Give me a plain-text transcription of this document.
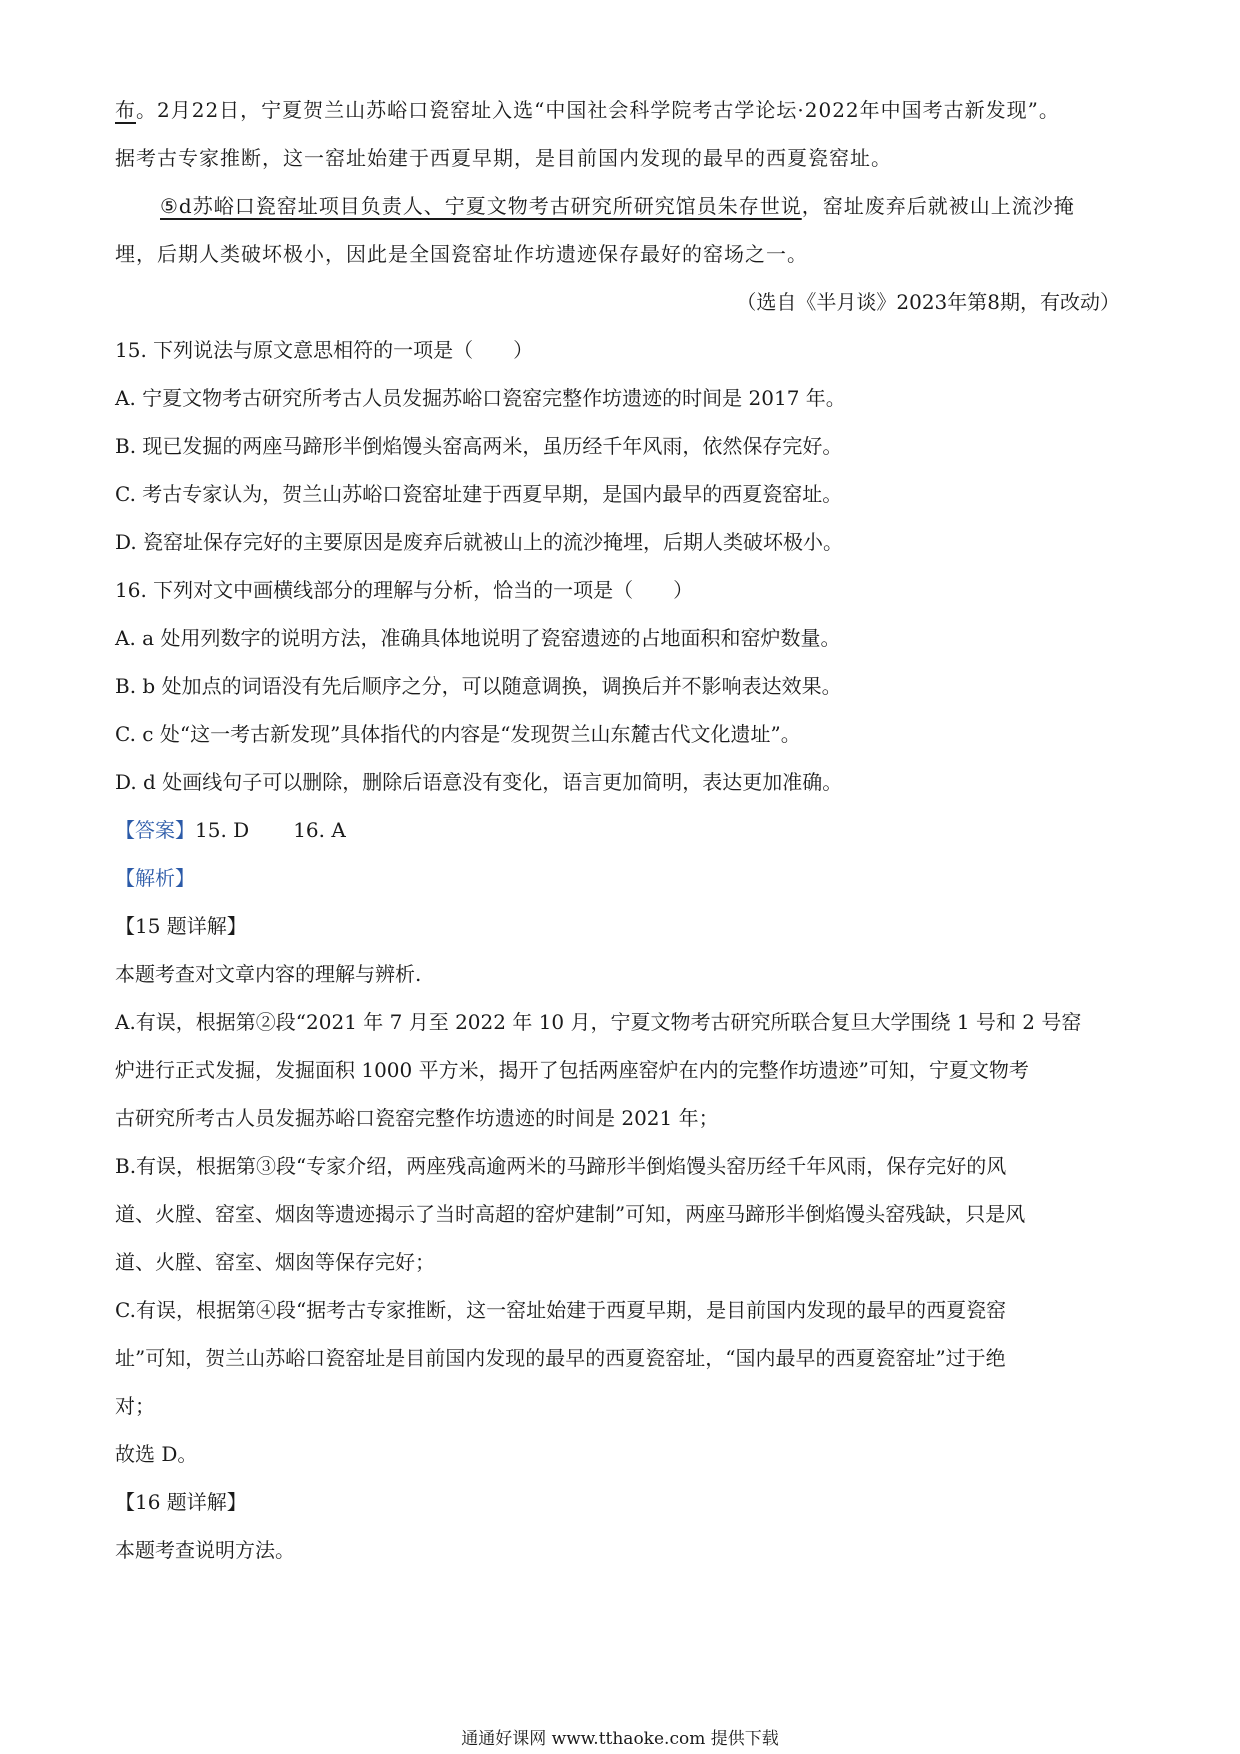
布。2月22日，宁夏贺兰山苏峪口瓷窑址入选“中国社会科学院考古学论坛·2022年中国考古新发现”。
据考古专家推断，这一窑址始建于西夏早期，是目前国内发现的最早的西夏瓷窑址。
⑤d苏峪口瓷窑址项目负责人、宁夏文物考古研究所研究馆员朱存世说，窑址废弃后就被山上流沙掩
埋，后期人类破坏极小，因此是全国瓷窑址作坊遗迹保存最好的窑场之一。
（选自《半月谈》2023年第8期，有改动）
15. 下列说法与原文意思相符的一项是（　　）
A. 宁夏文物考古研究所考古人员发掘苏峪口瓷窑完整作坊遗迹的时间是 2017 年。
B. 现已发掘的两座马蹄形半倒焰馒头窑高两米，虽历经千年风雨，依然保存完好。
C. 考古专家认为，贺兰山苏峪口瓷窑址建于西夏早期，是国内最早的西夏瓷窑址。
D. 瓷窑址保存完好的主要原因是废弃后就被山上的流沙掩埋，后期人类破坏极小。
16. 下列对文中画横线部分的理解与分析，恰当的一项是（　　）
A. a 处用列数字的说明方法，准确具体地说明了瓷窑遗迹的占地面积和窑炉数量。
B. b 处加点的词语没有先后顺序之分，可以随意调换，调换后并不影响表达效果。
C. c 处“这一考古新发现”具体指代的内容是“发现贺兰山东麓古代文化遗址”。
D. d 处画线句子可以删除，删除后语意没有变化，语言更加简明，表达更加准确。
【答案】15. D 16. A
【解析】
【15 题详解】
本题考查对文章内容的理解与辨析.
A.有误，根据第②段“2021 年 7 月至 2022 年 10 月，宁夏文物考古研究所联合复旦大学围绕 1 号和 2 号窑
炉进行正式发掘，发掘面积 1000 平方米，揭开了包括两座窑炉在内的完整作坊遗迹”可知，宁夏文物考
古研究所考古人员发掘苏峪口瓷窑完整作坊遗迹的时间是 2021 年；
B.有误，根据第③段“专家介绍，两座残高逾两米的马蹄形半倒焰馒头窑历经千年风雨，保存完好的风
道、火膛、窑室、烟囱等遗迹揭示了当时高超的窑炉建制”可知，两座马蹄形半倒焰馒头窑残缺，只是风
道、火膛、窑室、烟囱等保存完好；
C.有误，根据第④段“据考古专家推断，这一窑址始建于西夏早期，是目前国内发现的最早的西夏瓷窑
址”可知，贺兰山苏峪口瓷窑址是目前国内发现的最早的西夏瓷窑址，“国内最早的西夏瓷窑址”过于绝
对；
故选 D。
【16 题详解】
本题考查说明方法。
通通好课网 www.tthaoke.com 提供下载
